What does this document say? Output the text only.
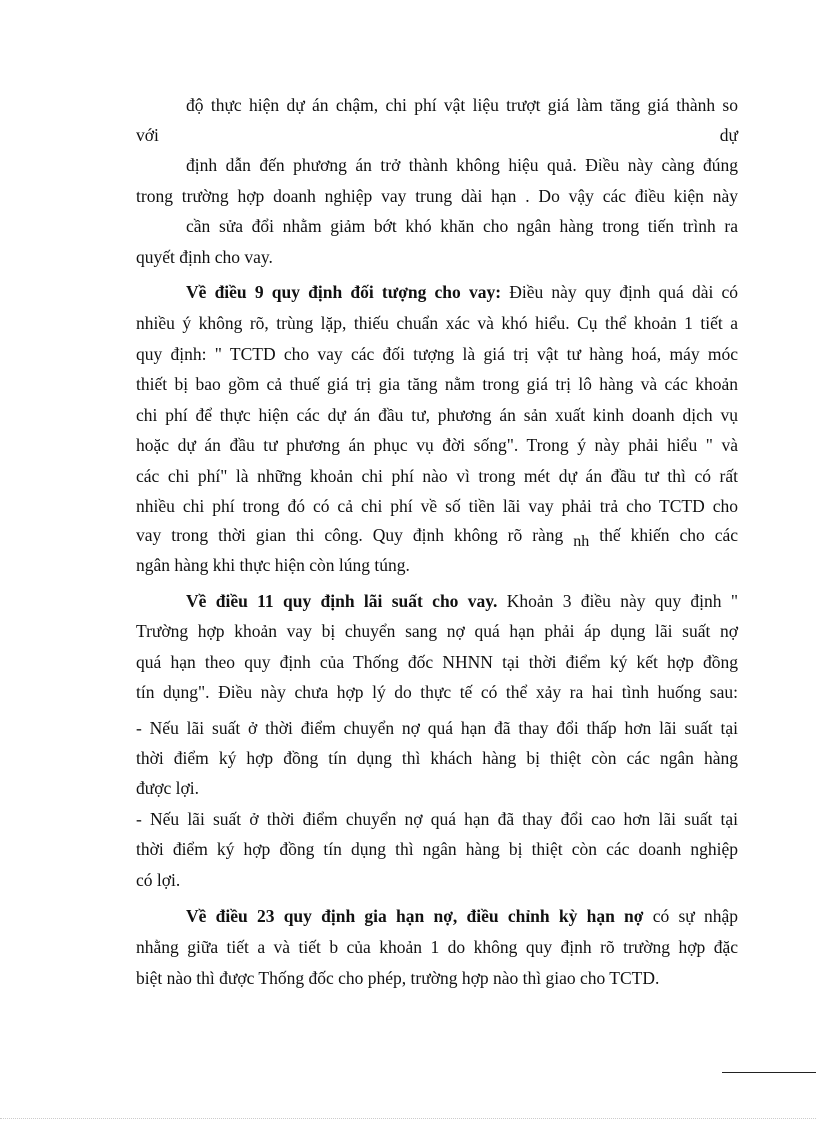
độ thực hiện dự án chậm, chi phí vật liệu trượt giá làm tăng giá thành so

với	dự

định dẫn đến phương án trở thành không hiệu quả. Điều này càng đúng

trong trường hợp doanh nghiệp vay trung dài hạn . Do vậy các điều kiện này

cần sửa đổi nhằm giảm bớt khó khăn cho ngân hàng trong tiến trình ra

quyết định cho vay.

Về điều 9 quy định đối tượng cho vay: Điều này quy định quá dài có

nhiều ý không rõ, trùng lặp, thiếu chuẩn xác và khó hiểu. Cụ thể khoản 1 tiết a

quy định: " TCTD cho vay các đối tượng là giá trị vật tư hàng hoá, máy móc

thiết bị bao gồm cả thuế giá trị gia tăng nằm trong giá trị lô hàng và các khoản

chi phí để thực hiện các dự án đầu tư, phương án sản xuất kinh doanh dịch vụ

hoặc dự án đầu tư phương án phục vụ đời sống". Trong ý này phải hiểu " và

các chi phí" là những khoản chi phí nào vì trong mét dự án đầu tư thì có rất

nhiều chi phí trong đó có cả chi phí về số tiền lãi vay phải trả cho TCTD cho

vay trong thời gian thi công. Quy định không rõ ràng nh thế khiến cho các

ngân hàng khi thực hiện còn lúng túng.

Về điều 11 quy định lãi suất cho vay. Khoản 3 điều này quy định "

Trường hợp khoản vay bị chuyển sang nợ quá hạn phải áp dụng lãi suất nợ

quá hạn theo quy định của Thống đốc NHNN tại thời điểm ký kết hợp đồng

tín dụng". Điều này chưa hợp lý do thực tế có thể xảy ra hai tình huống sau:

- Nếu lãi suất ở thời điểm chuyển nợ quá hạn đã thay đổi thấp hơn lãi suất tại

thời điểm ký hợp đồng tín dụng thì khách hàng bị thiệt còn các ngân hàng

được lợi.

- Nếu lãi suất ở thời điểm chuyển nợ quá hạn đã thay đổi cao hơn lãi suất tại

thời điểm ký hợp đồng tín dụng thì ngân hàng bị thiệt còn các doanh nghiệp

có lợi.

Về điều 23 quy định gia hạn nợ, điều chỉnh kỳ hạn nợ có sự nhập

nhằng giữa tiết a và tiết b của khoản 1 do không quy định rõ trường hợp đặc

biệt nào thì được Thống đốc cho phép, trường hợp nào thì giao cho TCTD.
